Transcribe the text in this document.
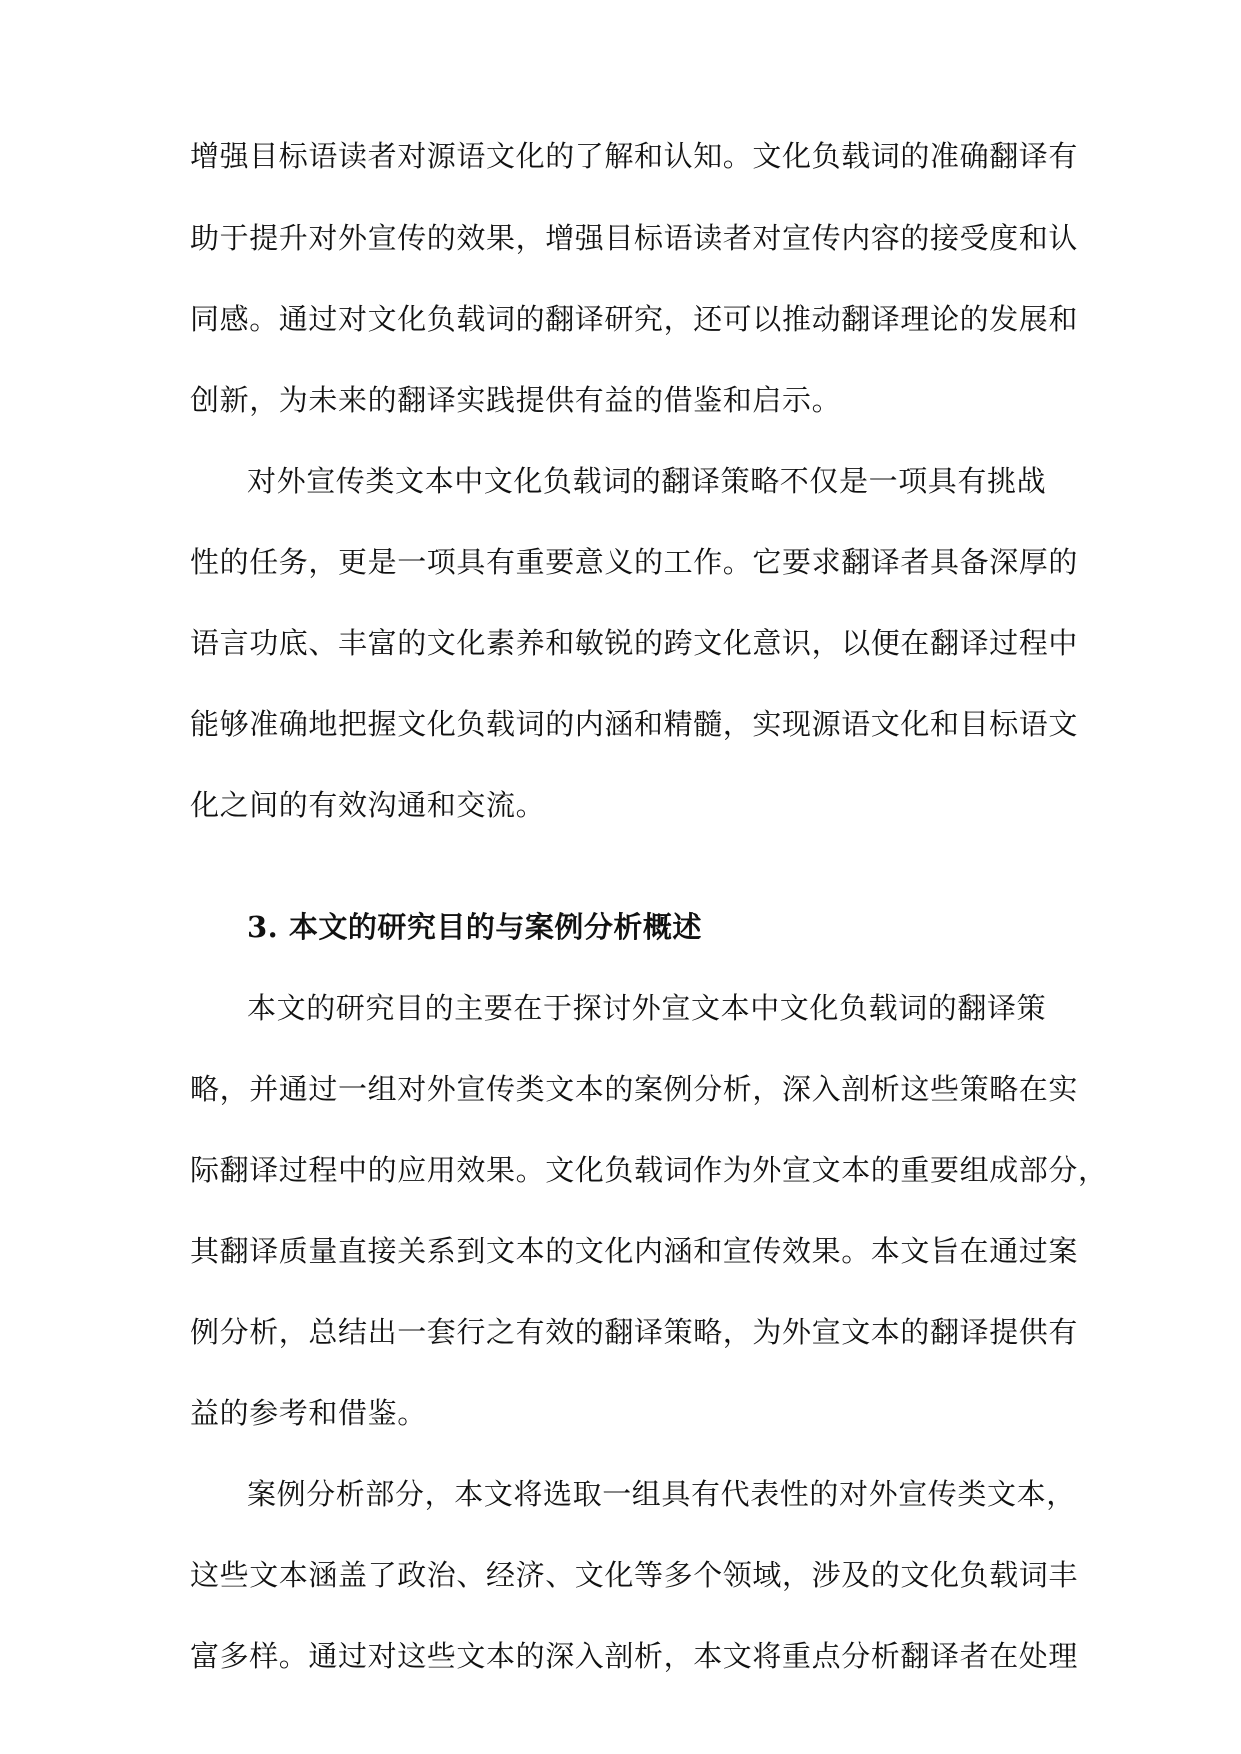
增强目标语读者对源语文化的了解和认知。文化负载词的准确翻译有
助于提升对外宣传的效果，增强目标语读者对宣传内容的接受度和认
同感。通过对文化负载词的翻译研究，还可以推动翻译理论的发展和
创新，为未来的翻译实践提供有益的借鉴和启示。
对外宣传类文本中文化负载词的翻译策略不仅是一项具有挑战
性的任务，更是一项具有重要意义的工作。它要求翻译者具备深厚的
语言功底、丰富的文化素养和敏锐的跨文化意识，以便在翻译过程中
能够准确地把握文化负载词的内涵和精髓，实现源语文化和目标语文
化之间的有效沟通和交流。
3. 本文的研究目的与案例分析概述
本文的研究目的主要在于探讨外宣文本中文化负载词的翻译策
略，并通过一组对外宣传类文本的案例分析，深入剖析这些策略在实
际翻译过程中的应用效果。文化负载词作为外宣文本的重要组成部分，
其翻译质量直接关系到文本的文化内涵和宣传效果。本文旨在通过案
例分析，总结出一套行之有效的翻译策略，为外宣文本的翻译提供有
益的参考和借鉴。
案例分析部分，本文将选取一组具有代表性的对外宣传类文本，
这些文本涵盖了政治、经济、文化等多个领域，涉及的文化负载词丰
富多样。通过对这些文本的深入剖析，本文将重点分析翻译者在处理
